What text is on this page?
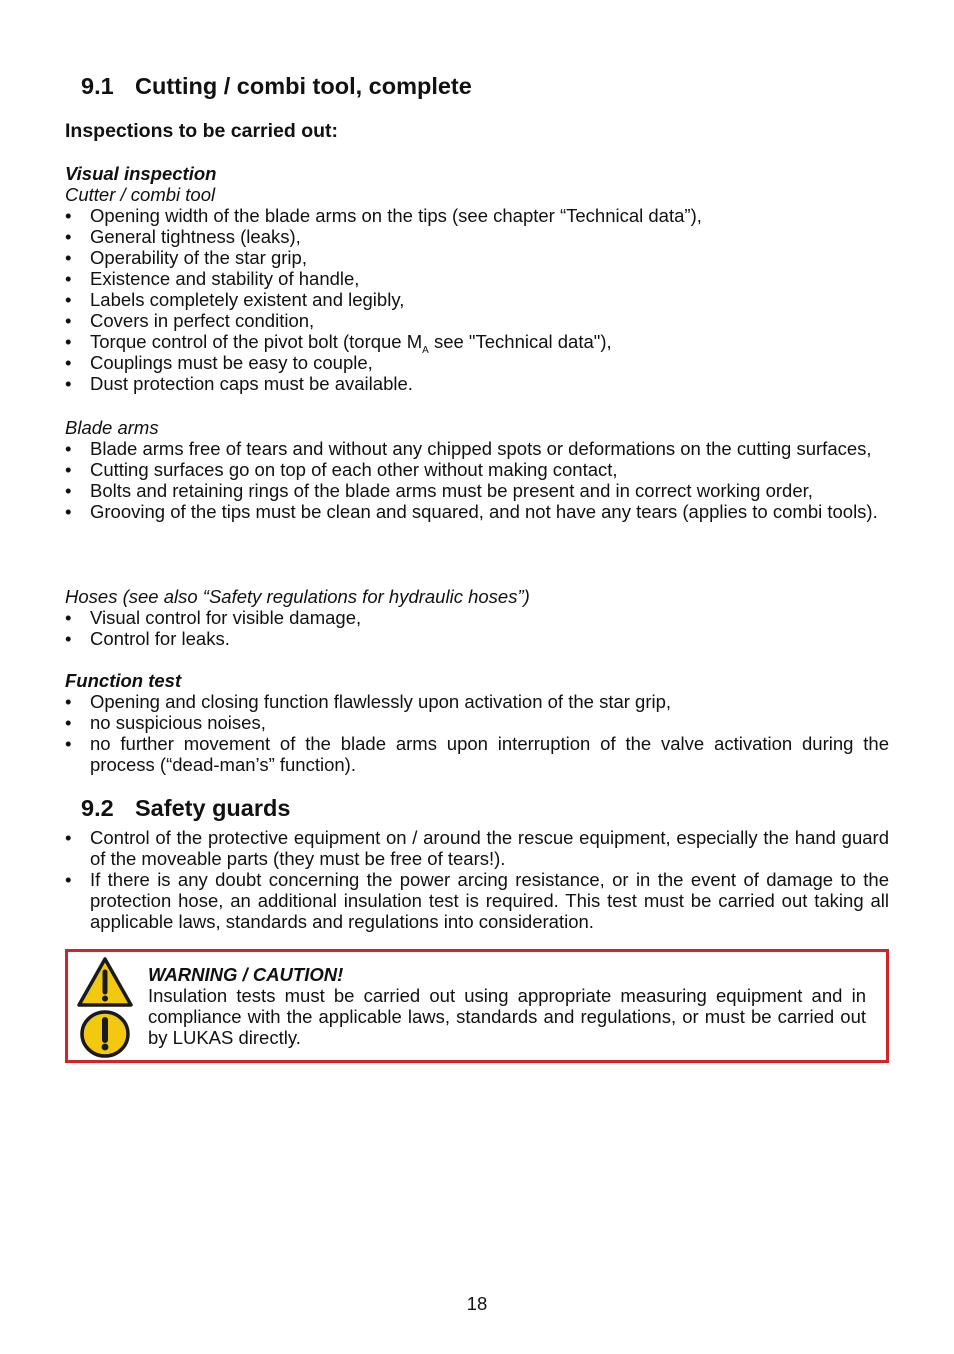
9.1 Cutting / combi tool, complete
Inspections to be carried out:
Visual inspection
Cutter / combi tool
• Opening width of the blade arms on the tips (see chapter “Technical data”),
• General tightness (leaks),
• Operability of the star grip,
• Existence and stability of handle,
• Labels completely existent and legibly,
• Covers in perfect condition,
• Torque control of the pivot bolt (torque $M_A$ see "Technical data"),
• Couplings must be easy to couple,
• Dust protection caps must be available.
Blade arms
• Blade arms free of tears and without any chipped spots or deformations on the cutting surfaces,
• Cutting surfaces go on top of each other without making contact,
• Bolts and retaining rings of the blade arms must be present and in correct working order,
• Grooving of the tips must be clean and squared, and not have any tears (applies to combi tools).
Hoses (see also “Safety regulations for hydraulic hoses”)
• Visual control for visible damage,
• Control for leaks.
Function test
• Opening and closing function flawlessly upon activation of the star grip,
• no suspicious noises,
• no further movement of the blade arms upon interruption of the valve activation during the process (“dead-man’s” function).
9.2 Safety guards
• Control of the protective equipment on / around the rescue equipment, especially the hand guard of the moveable parts (they must be free of tears!).
• If there is any doubt concerning the power arcing resistance, or in the event of damage to the protection hose, an additional insulation test is required. This test must be carried out taking all applicable laws, standards and regulations into consideration.
WARNING / CAUTION!
Insulation tests must be carried out using appropriate measuring equipment and in compliance with the applicable laws, standards and regulations, or must be carried out by LUKAS directly.
18
